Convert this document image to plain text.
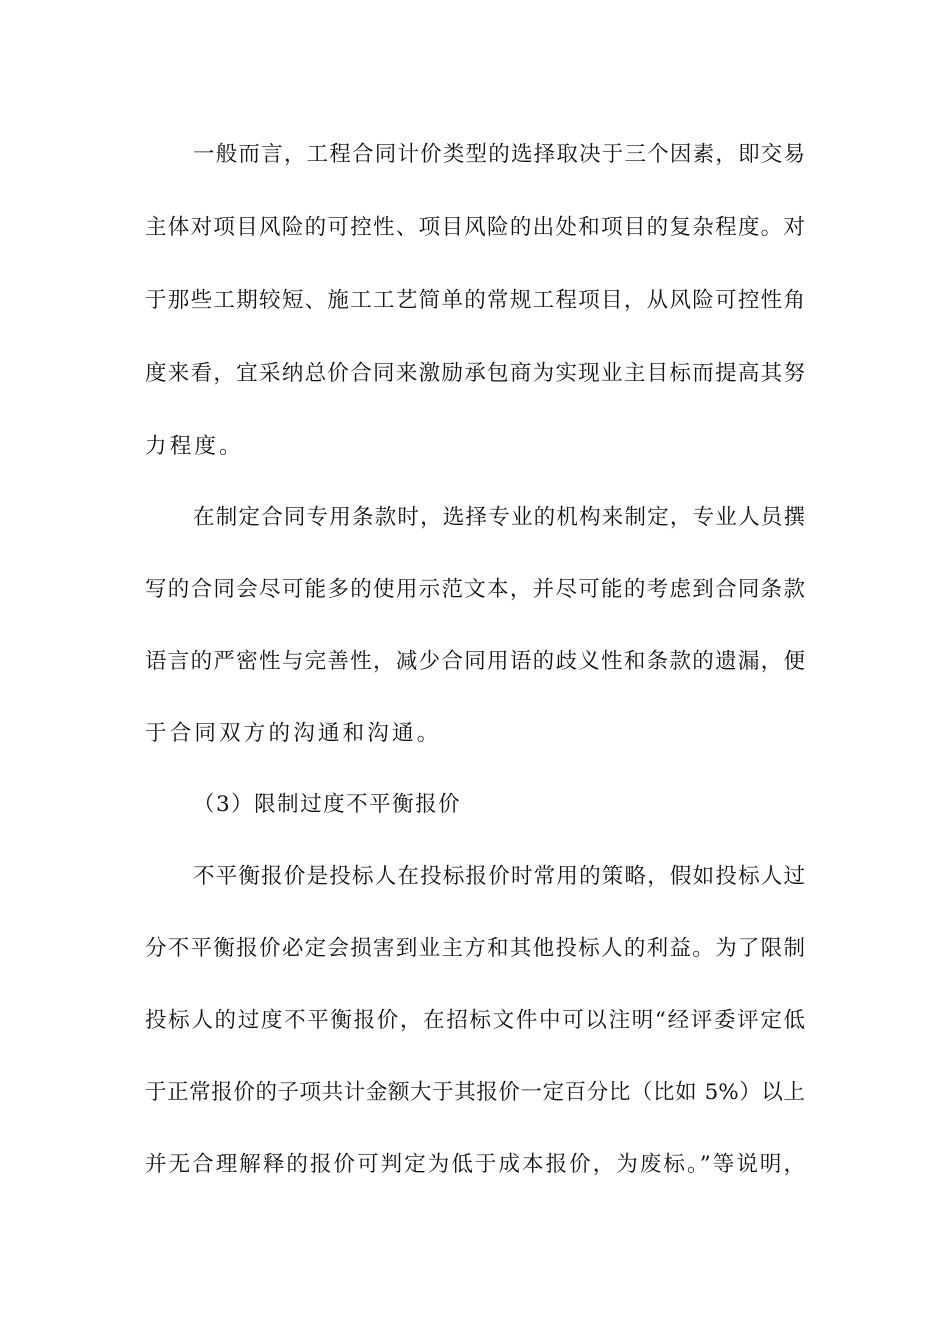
一般而言，工程合同计价类型的选择取决于三个因素，即交易
主体对项目风险的可控性、项目风险的出处和项目的复杂程度。对
于那些工期较短、施工工艺简单的常规工程项目，从风险可控性角
度来看，宜采纳总价合同来激励承包商为实现业主目标而提高其努
力程度。
在制定合同专用条款时，选择专业的机构来制定，专业人员撰
写的合同会尽可能多的使用示范文本，并尽可能的考虑到合同条款
语言的严密性与完善性，减少合同用语的歧义性和条款的遗漏，便
于合同双方的沟通和沟通。
（3）限制过度不平衡报价
不平衡报价是投标人在投标报价时常用的策略，假如投标人过
分不平衡报价必定会损害到业主方和其他投标人的利益。为了限制
投标人的过度不平衡报价，在招标文件中可以注明“经评委评定低
于正常报价的子项共计金额大于其报价一定百分比（比如 5%）以上
并无合理解释的报价可判定为低于成本报价，为废标。”等说明，
